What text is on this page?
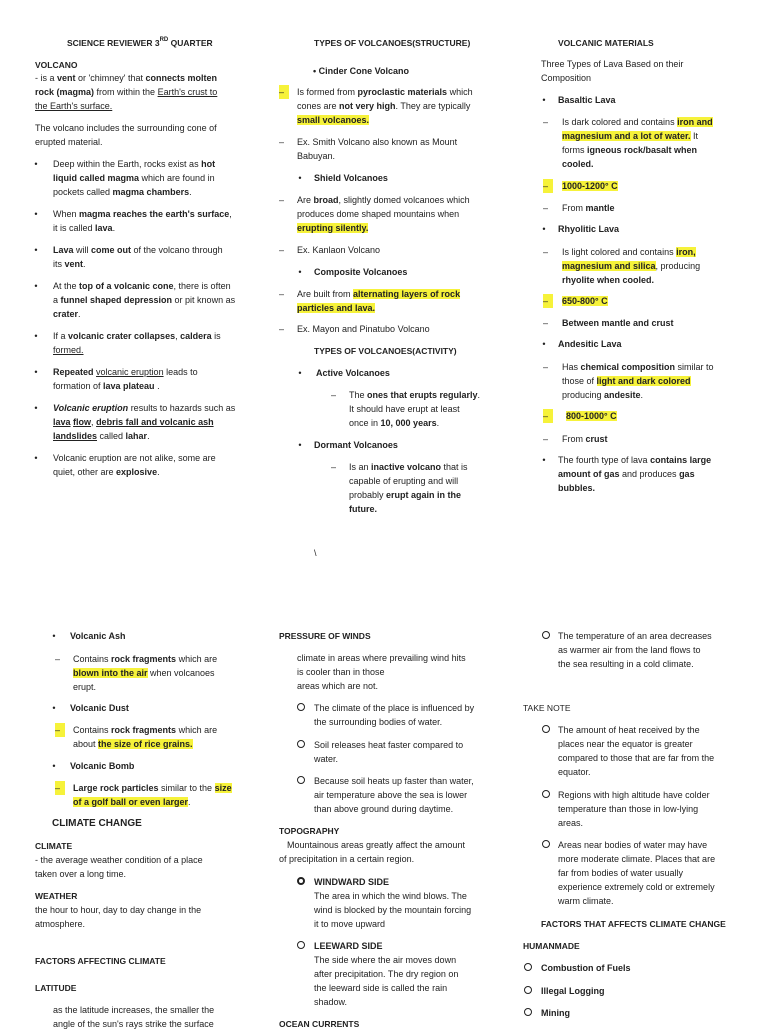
SCIENCE REVIEWER 3RD QUARTER
VOLCANO
- is a vent or 'chimney' that connects molten
rock (magma) from within the Earth's crust to
the Earth's surface.
The volcano includes the surrounding cone of
erupted material.
• Deep within the Earth, rocks exist as hot
liquid called magma which are found in
pockets called magma chambers.
• When magma reaches the earth's surface,
it is called lava.
• Lava will come out of the volcano through
its vent.
• At the top of a volcanic cone, there is often
a funnel shaped depression or pit known as
crater.
• If a volcanic crater collapses, caldera is
formed.
• Repeated volcanic eruption leads to
formation of lava plateau .
• Volcanic eruption results to hazards such as
lava flow, debris fall and volcanic ash
landslides called lahar.
• Volcanic eruption are not alike, some are
quiet, other are explosive.
TYPES OF VOLCANOES(STRUCTURE)
• Cinder Cone Volcano
–	Is formed from pyroclastic materials which
cones are not very high. They are typically
small volcanoes.
–	Ex. Smith Volcano also known as Mount
Babuyan.
• Shield Volcanoes
–	Are broad, slightly domed volcanoes which
produces dome shaped mountains when
erupting silently.
–	Ex. Kanlaon Volcano
• Composite Volcanoes
–	Are built from alternating layers of rock
particles and lava.
–	Ex. Mayon and Pinatubo Volcano
TYPES OF VOLCANOES(ACTIVITY)
• Active Volcanoes
–	The ones that erupts regularly.
It should have erupt at least
once in 10, 000 years.
• Dormant Volcanoes
–	Is an inactive volcano that is
capable of erupting and will
probably erupt again in the
future.
\
VOLCANIC MATERIALS
Three Types of Lava Based on their
Composition
• Basaltic Lava
–	Is dark colored and contains iron and
magnesium and a lot of water. It
forms igneous rock/basalt when
cooled.
–	1000-1200° C
–	From mantle
• Rhyolitic Lava
–	Is light colored and contains iron,
magnesium and silica, producing
rhyolite when cooled.
–	650-800° C
–	Between mantle and crust
• Andesitic Lava
–	Has chemical composition similar to
those of light and dark colored
producing andesite.
–	800-1000° C
–	From crust
• The fourth type of lava contains large
amount of gas and produces gas
bubbles.
• Volcanic Ash
–	Contains rock fragments which are
blown into the air when volcanoes
erupt.
• Volcanic Dust
–	Contains rock fragments which are
about the size of rice grains.
• Volcanic Bomb
–	Large rock particles similar to the size
of a golf ball or even larger.
CLIMATE CHANGE
CLIMATE
- the average weather condition of a place
taken over a long time.
WEATHER
the hour to hour, day to day change in the
atmosphere.
FACTORS AFFECTING CLIMATE
LATITUDE
as the latitude increases, the smaller the
angle of the sun's rays strike the surface
PRESSURE OF WINDS
climate in areas where prevailing wind hits
is cooler than in those
areas which are not.
The climate of the place is influenced by
the surrounding bodies of water.
Soil releases heat faster compared to
water.
Because soil heats up faster than water,
air temperature above the sea is lower
than above ground during daytime.
TOPOGRAPHY
Mountainous areas greatly affect the amount
of precipitation in a certain region.
WINDWARD SIDE
The area in which the wind blows. The
wind is blocked by the mountain forcing
it to move upward
LEEWARD SIDE
The side where the air moves down
after precipitation. The dry region on
the leeward side is called the rain
shadow.
OCEAN CURRENTS
The temperature of an area decreases
as warmer air from the land flows to
the sea resulting in a cold climate.
TAKE NOTE
The amount of heat received by the
places near the equator is greater
compared to those that are far from the
equator.
Regions with high altitude have colder
temperature than those in low-lying
areas.
Areas near bodies of water may have
more moderate climate. Places that are
far from bodies of water usually
experience extremely cold or extremely
warm climate.
FACTORS THAT AFFECTS CLIMATE CHANGE
HUMANMADE
Combustion of Fuels
Illegal Logging
Mining
